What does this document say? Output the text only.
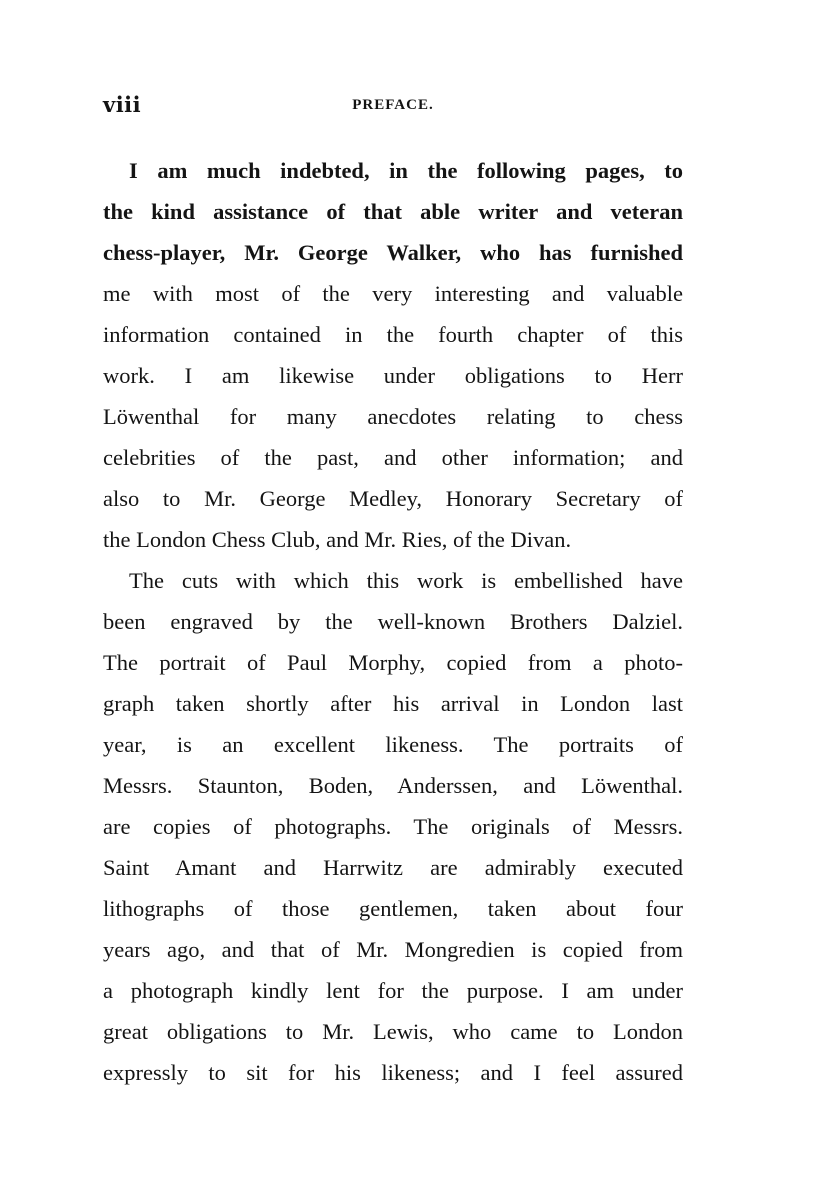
viii	PREFACE.
I am much indebted, in the following pages, to
the kind assistance of that able writer and veteran
chess-player, Mr. George Walker, who has furnished
me with most of the very interesting and valuable
information contained in the fourth chapter of this
work. I am likewise under obligations to Herr
Löwenthal for many anecdotes relating to chess
celebrities of the past, and other information; and
also to Mr. George Medley, Honorary Secretary of
the London Chess Club, and Mr. Ries, of the Divan.
The cuts with which this work is embellished have
been engraved by the well-known Brothers Dalziel.
The portrait of Paul Morphy, copied from a photo-
graph taken shortly after his arrival in London last
year, is an excellent likeness. The portraits of
Messrs. Staunton, Boden, Anderssen, and Löwenthal.
are copies of photographs. The originals of Messrs.
Saint Amant and Harrwitz are admirably executed
lithographs of those gentlemen, taken about four
years ago, and that of Mr. Mongredien is copied from
a photograph kindly lent for the purpose. I am under
great obligations to Mr. Lewis, who came to London
expressly to sit for his likeness; and I feel assured
